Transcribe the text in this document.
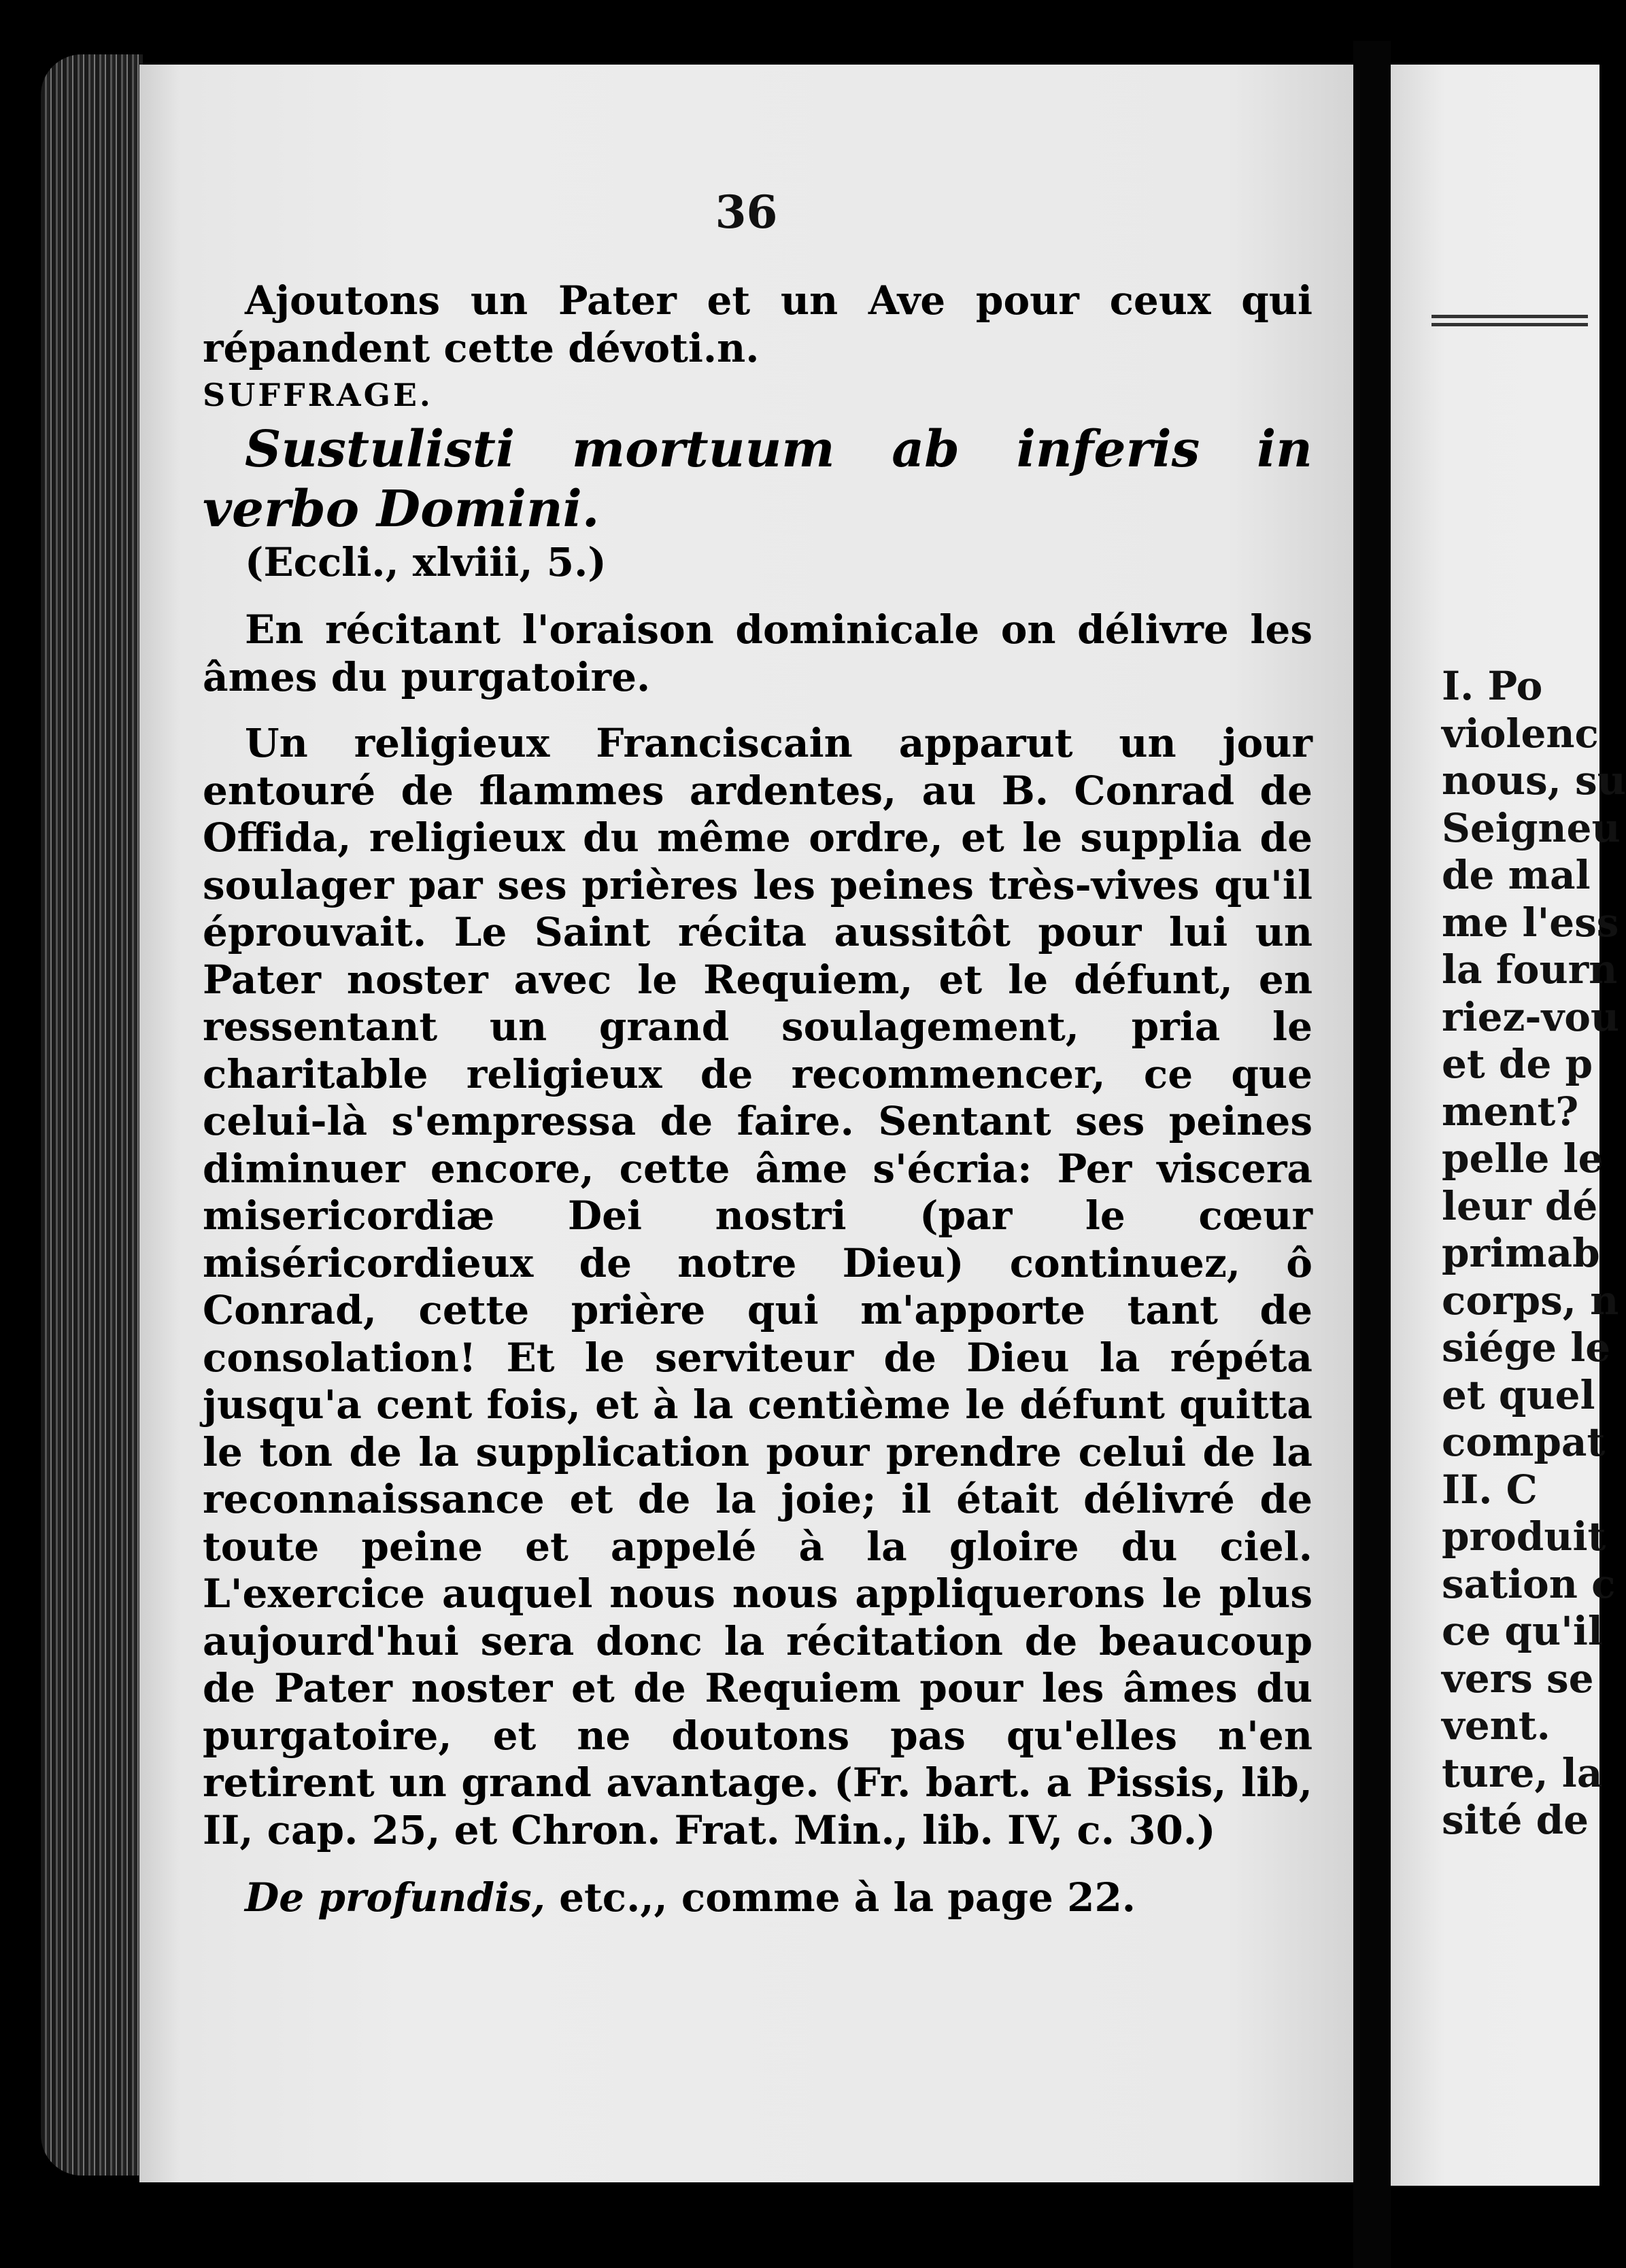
36

Ajoutons un Pater et un Ave pour ceux qui répandent cette dévoti.n.

SUFFRAGE.

Sustulisti mortuum ab inferis in verbo Domini.

(Eccli., xlviii, 5.)

En récitant l'oraison dominicale on délivre les âmes du purgatoire.

Un religieux Franciscain apparut un jour entouré de flammes ardentes, au B. Conrad de Offida, religieux du même ordre, et le supplia de soulager par ses prières les peines très-vives qu'il éprouvait. Le Saint récita aussitôt pour lui un Pater noster avec le Requiem, et le défunt, en ressentant un grand soulagement, pria le charitable religieux de recommencer, ce que celui-là s'empressa de faire. Sentant ses peines diminuer encore, cette âme s'écria: Per viscera misericordiæ Dei nostri (par le cœur miséricordieux de notre Dieu) continuez, ô Conrad, cette prière qui m'apporte tant de consolation! Et le serviteur de Dieu la répéta jusqu'a cent fois, et à la centième le défunt quitta le ton de la supplication pour prendre celui de la reconnaissance et de la joie; il était délivré de toute peine et appelé à la gloire du ciel. L'exercice auquel nous nous appliquerons le plus aujourd'hui sera donc la récitation de beaucoup de Pater noster et de Requiem pour les âmes du purgatoire, et ne doutons pas qu'elles n'en retirent un grand avantage. (Fr. bart. a Pissis, lib, II, cap. 25, et Chron. Frat. Min., lib. IV, c. 30.)

De profundis, etc.,, comme à la page 22.

I. Po
violenc
nous, su
Seigneu
de mal
me l'ess
la fourn
riez-vou
et de p
ment?
pelle le
leur dé
primab
corps, n
siége le
et quel
compat
II. C
produit
sation c
ce qu'il
vers se
vent.
ture, la
sité de
